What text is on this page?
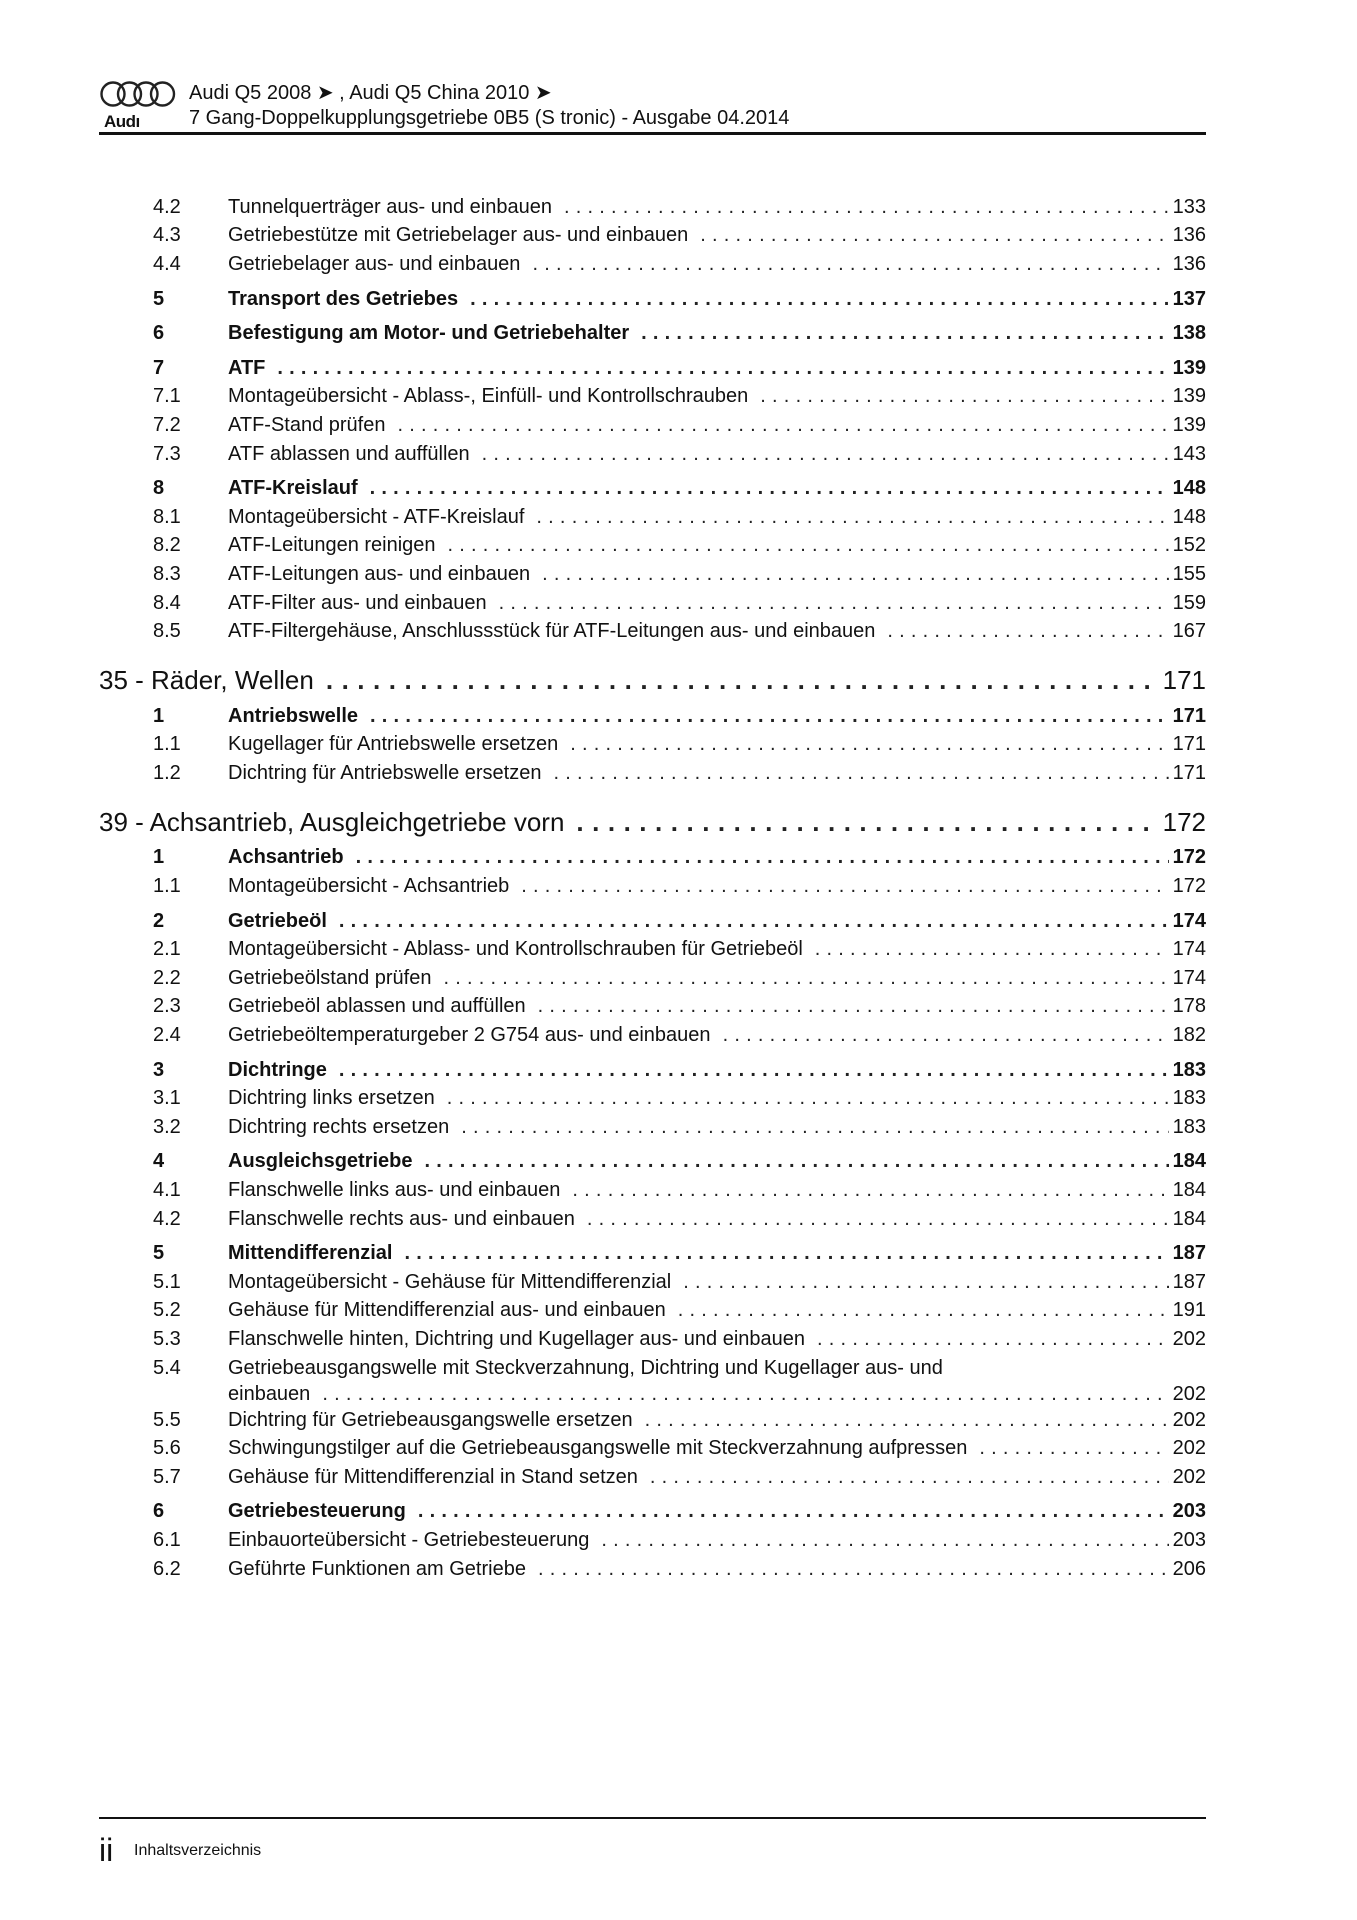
Audı
Audi Q5 2008 ➤ , Audi Q5 China 2010 ➤
7 Gang-Doppelkupplungsgetriebe 0B5 (S tronic) - Ausgabe 04.2014
4.2	Tunnelquerträger aus- und einbauen .....	133
4.3	Getriebestütze mit Getriebelager aus- und einbauen .....	136
4.4	Getriebelager aus- und einbauen .....	136
5	Transport des Getriebes .....	137
6	Befestigung am Motor- und Getriebehalter .....	138
7	ATF .....	139
7.1	Montageübersicht - Ablass-, Einfüll- und Kontrollschrauben .....	139
7.2	ATF-Stand prüfen .....	139
7.3	ATF ablassen und auffüllen .....	143
8	ATF-Kreislauf .....	148
8.1	Montageübersicht - ATF-Kreislauf .....	148
8.2	ATF-Leitungen reinigen .....	152
8.3	ATF-Leitungen aus- und einbauen .....	155
8.4	ATF-Filter aus- und einbauen .....	159
8.5	ATF-Filtergehäuse, Anschlussstück für ATF-Leitungen aus- und einbauen .....	167
35 - Räder, Wellen .....	171
1	Antriebswelle .....	171
1.1	Kugellager für Antriebswelle ersetzen .....	171
1.2	Dichtring für Antriebswelle ersetzen .....	171
39 - Achsantrieb, Ausgleichgetriebe vorn .....	172
1	Achsantrieb .....	172
1.1	Montageübersicht - Achsantrieb .....	172
2	Getriebeöl .....	174
2.1	Montageübersicht - Ablass- und Kontrollschrauben für Getriebeöl .....	174
2.2	Getriebeölstand prüfen .....	174
2.3	Getriebeöl ablassen und auffüllen .....	178
2.4	Getriebeöltemperaturgeber 2 G754 aus- und einbauen .....	182
3	Dichtringe .....	183
3.1	Dichtring links ersetzen .....	183
3.2	Dichtring rechts ersetzen .....	183
4	Ausgleichsgetriebe .....	184
4.1	Flanschwelle links aus- und einbauen .....	184
4.2	Flanschwelle rechts aus- und einbauen .....	184
5	Mittendifferenzial .....	187
5.1	Montageübersicht - Gehäuse für Mittendifferenzial .....	187
5.2	Gehäuse für Mittendifferenzial aus- und einbauen .....	191
5.3	Flanschwelle hinten, Dichtring und Kugellager aus- und einbauen .....	202
5.4	Getriebeausgangswelle mit Steckverzahnung, Dichtring und Kugellager aus- und
einbauen .....	202
5.5	Dichtring für Getriebeausgangswelle ersetzen .....	202
5.6	Schwingungstilger auf die Getriebeausgangswelle mit Steckverzahnung aufpressen .....	202
5.7	Gehäuse für Mittendifferenzial in Stand setzen .....	202
6	Getriebesteuerung .....	203
6.1	Einbauorteübersicht - Getriebesteuerung .....	203
6.2	Geführte Funktionen am Getriebe .....	206
ii Inhaltsverzeichnis
